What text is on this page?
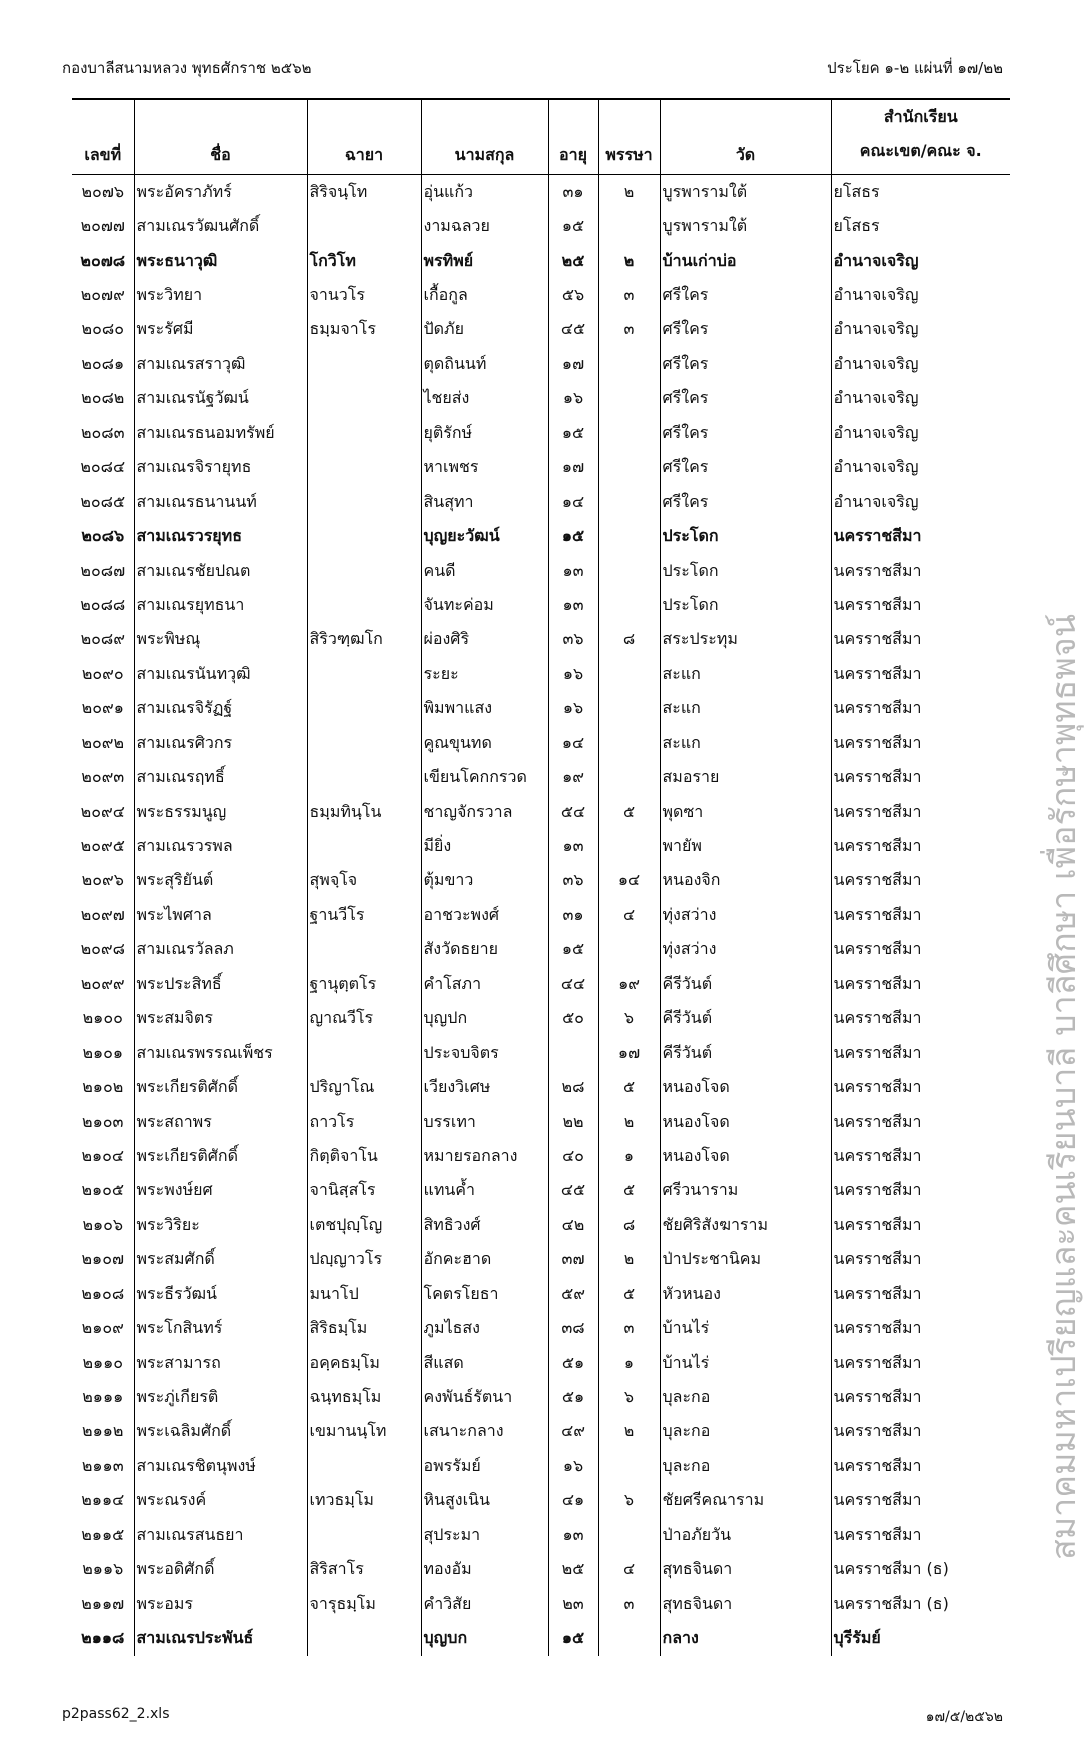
กองบาลีสนามหลวง พุทธศักราช ๒๕๖๒	ประโยค ๑-๒ แผ่นที่ ๑๗/๒๒
สมาคมมหาเปรียญและคนเรียนบาลี บาลีศึกษา เพื่อรักษาพุทธพจน์
เลขที่	ชื่อ	ฉายา	นามสกุล	อายุ	พรรษา	วัด	สำนักเรียน
คณะเขต/คณะ จ.

๒๐๗๖	พระอัคราภัทร์	สิริจนฺโท	อุ่นแก้ว	๓๑	๒	บูรพารามใต้	ยโสธร
๒๐๗๗	สามเณรวัฒนศักดิ์		งามฉลวย	๑๕		บูรพารามใต้	ยโสธร
๒๐๗๘	พระธนาวุฒิ	โกวิโท	พรทิพย์	๒๕	๒	บ้านเก่าบ่อ	อำนาจเจริญ
๒๐๗๙	พระวิทยา	จานวโร	เกื้อกูล	๕๖	๓	ศรีใคร	อำนาจเจริญ
๒๐๘๐	พระรัศมี	ธมฺมจาโร	ปัดภัย	๔๕	๓	ศรีใคร	อำนาจเจริญ
๒๐๘๑	สามเณรสราวุฒิ		ตุดถินนท์	๑๗		ศรีใคร	อำนาจเจริญ
๒๐๘๒	สามเณรนัฐวัฒน์		ไชยส่ง	๑๖		ศรีใคร	อำนาจเจริญ
๒๐๘๓	สามเณรธนอมทรัพย์		ยุติรักษ์	๑๕		ศรีใคร	อำนาจเจริญ
๒๐๘๔	สามเณรจิรายุทธ		หาเพชร	๑๗		ศรีใคร	อำนาจเจริญ
๒๐๘๕	สามเณรธนานนท์		สินสุทา	๑๔		ศรีใคร	อำนาจเจริญ
๒๐๘๖	สามเณรวรยุทธ		บุญยะวัฒน์	๑๕		ประโดก	นครราชสีมา
๒๐๘๗	สามเณรชัยปณต		คนดี	๑๓		ประโดก	นครราชสีมา
๒๐๘๘	สามเณรยุทธนา		จันทะค่อม	๑๓		ประโดก	นครราชสีมา
๒๐๘๙	พระพิษณุ	สิริวฑฺฒโก	ผ่องศิริ	๓๖	๘	สระประทุม	นครราชสีมา
๒๐๙๐	สามเณรนันทวุฒิ		ระยะ	๑๖		สะแก	นครราชสีมา
๒๐๙๑	สามเณรจิรัฏฐ์		พิมพาแสง	๑๖		สะแก	นครราชสีมา
๒๐๙๒	สามเณรศิวกร		คูณขุนทด	๑๔		สะแก	นครราชสีมา
๒๐๙๓	สามเณรฤทธิ์		เขียนโคกกรวด	๑๙		สมอราย	นครราชสีมา
๒๐๙๔	พระธรรมนูญ	ธมฺมทินฺโน	ชาญจักรวาล	๕๔	๕	พุดซา	นครราชสีมา
๒๐๙๕	สามเณรวรพล		มียิ่ง	๑๓		พายัพ	นครราชสีมา
๒๐๙๖	พระสุริยันต์	สุพจฺโจ	ตุ้มขาว	๓๖	๑๔	หนองจิก	นครราชสีมา
๒๐๙๗	พระไพศาล	ฐานวีโร	อาชวะพงศ์	๓๑	๔	ทุ่งสว่าง	นครราชสีมา
๒๐๙๘	สามเณรวัลลภ		สังวัดธยาย	๑๕		ทุ่งสว่าง	นครราชสีมา
๒๐๙๙	พระประสิทธิ์	ฐานุตฺตโร	คำโสภา	๔๔	๑๙	คีรีวันต์	นครราชสีมา
๒๑๐๐	พระสมจิตร	ญาณวีโร	บุญปก	๕๐	๖	คีรีวันต์	นครราชสีมา
๒๑๐๑	สามเณรพรรณเพ็ชร		ประจบจิตร		๑๗	คีรีวันต์	นครราชสีมา
๒๑๐๒	พระเกียรติศักดิ์	ปริญาโณ	เวียงวิเศษ	๒๘	๕	หนองโจด	นครราชสีมา
๒๑๐๓	พระสถาพร	ถาวโร	บรรเทา	๒๒	๒	หนองโจด	นครราชสีมา
๒๑๐๔	พระเกียรติศักดิ์	กิตฺติจาโน	หมายรอกลาง	๔๐	๑	หนองโจด	นครราชสีมา
๒๑๐๕	พระพงษ์ยศ	จานิสฺสโร	แทนค้ำ	๔๕	๕	ศรีวนาราม	นครราชสีมา
๒๑๐๖	พระวิริยะ	เตชปุญฺโญ	สิทธิวงศ์	๔๒	๘	ชัยศิริสังฆาราม	นครราชสีมา
๒๑๐๗	พระสมศักดิ์	ปญฺญาวโร	อักคะฮาด	๓๗	๒	ป่าประชานิคม	นครราชสีมา
๒๑๐๘	พระธีรวัฒน์	มนาโป	โคตรโยธา	๕๙	๕	หัวหนอง	นครราชสีมา
๒๑๐๙	พระโกสินทร์	สิริธมฺโม	ภูมไธสง	๓๘	๓	บ้านไร่	นครราชสีมา
๒๑๑๐	พระสามารถ	อคฺคธมฺโม	สีแสด	๕๑	๑	บ้านไร่	นครราชสีมา
๒๑๑๑	พระภู่เกียรติ	ฉนฺทธมฺโม	คงพันธ์รัตนา	๕๑	๖	บุละกอ	นครราชสีมา
๒๑๑๒	พระเฉลิมศักดิ์	เขมานนฺโท	เสนาะกลาง	๔๙	๒	บุละกอ	นครราชสีมา
๒๑๑๓	สามเณรชิตนุพงษ์		อพรรัมย์	๑๖		บุละกอ	นครราชสีมา
๒๑๑๔	พระณรงค์	เทวธมฺโม	หินสูงเนิน	๔๑	๖	ชัยศรีคณาราม	นครราชสีมา
๒๑๑๕	สามเณรสนธยา		สุประมา	๑๓		ป่าอภัยวัน	นครราชสีมา
๒๑๑๖	พระอดิศักดิ์	สิริสาโร	ทองอัม	๒๕	๔	สุทธจินดา	นครราชสีมา (ธ)
๒๑๑๗	พระอมร	จารุธมฺโม	คำวิสัย	๒๓	๓	สุทธจินดา	นครราชสีมา (ธ)
๒๑๑๘	สามเณรประพันธ์		บุญบก	๑๕		กลาง	บุรีรัมย์
p2pass62_2.xls	๑๗/๕/๒๕๖๒
